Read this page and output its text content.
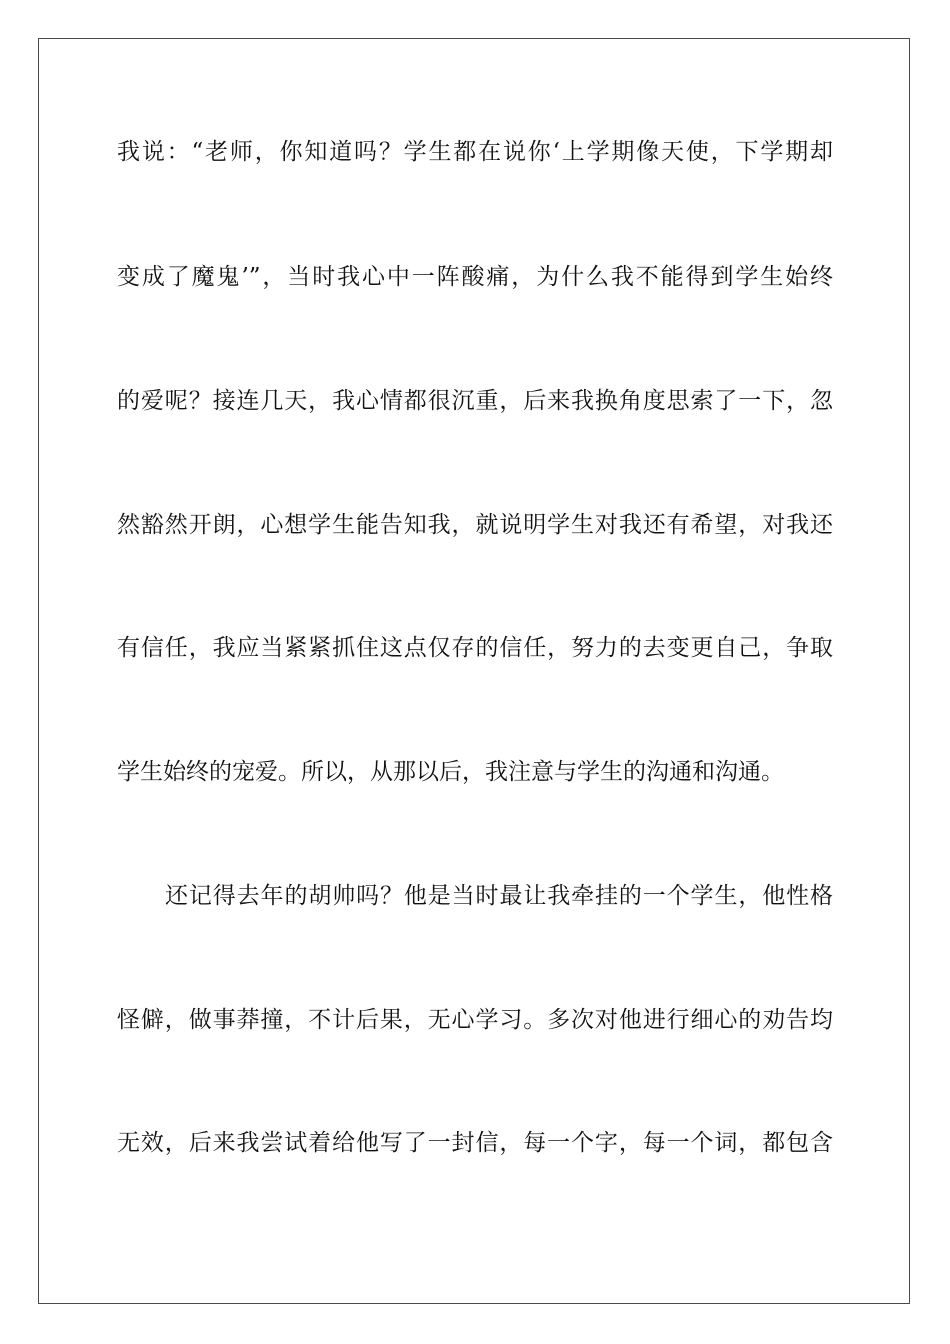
我说：“老师，你知道吗？学生都在说你‘上学期像天使，下学期却
变成了魔鬼’”，当时我心中一阵酸痛，为什么我不能得到学生始终
的爱呢？接连几天，我心情都很沉重，后来我换角度思索了一下，忽
然豁然开朗，心想学生能告知我，就说明学生对我还有希望，对我还
有信任，我应当紧紧抓住这点仅存的信任，努力的去变更自己，争取
学生始终的宠爱。所以，从那以后，我注意与学生的沟通和沟通。
还记得去年的胡帅吗？他是当时最让我牵挂的一个学生，他性格
怪僻，做事莽撞，不计后果，无心学习。多次对他进行细心的劝告均
无效，后来我尝试着给他写了一封信，每一个字，每一个词，都包含
